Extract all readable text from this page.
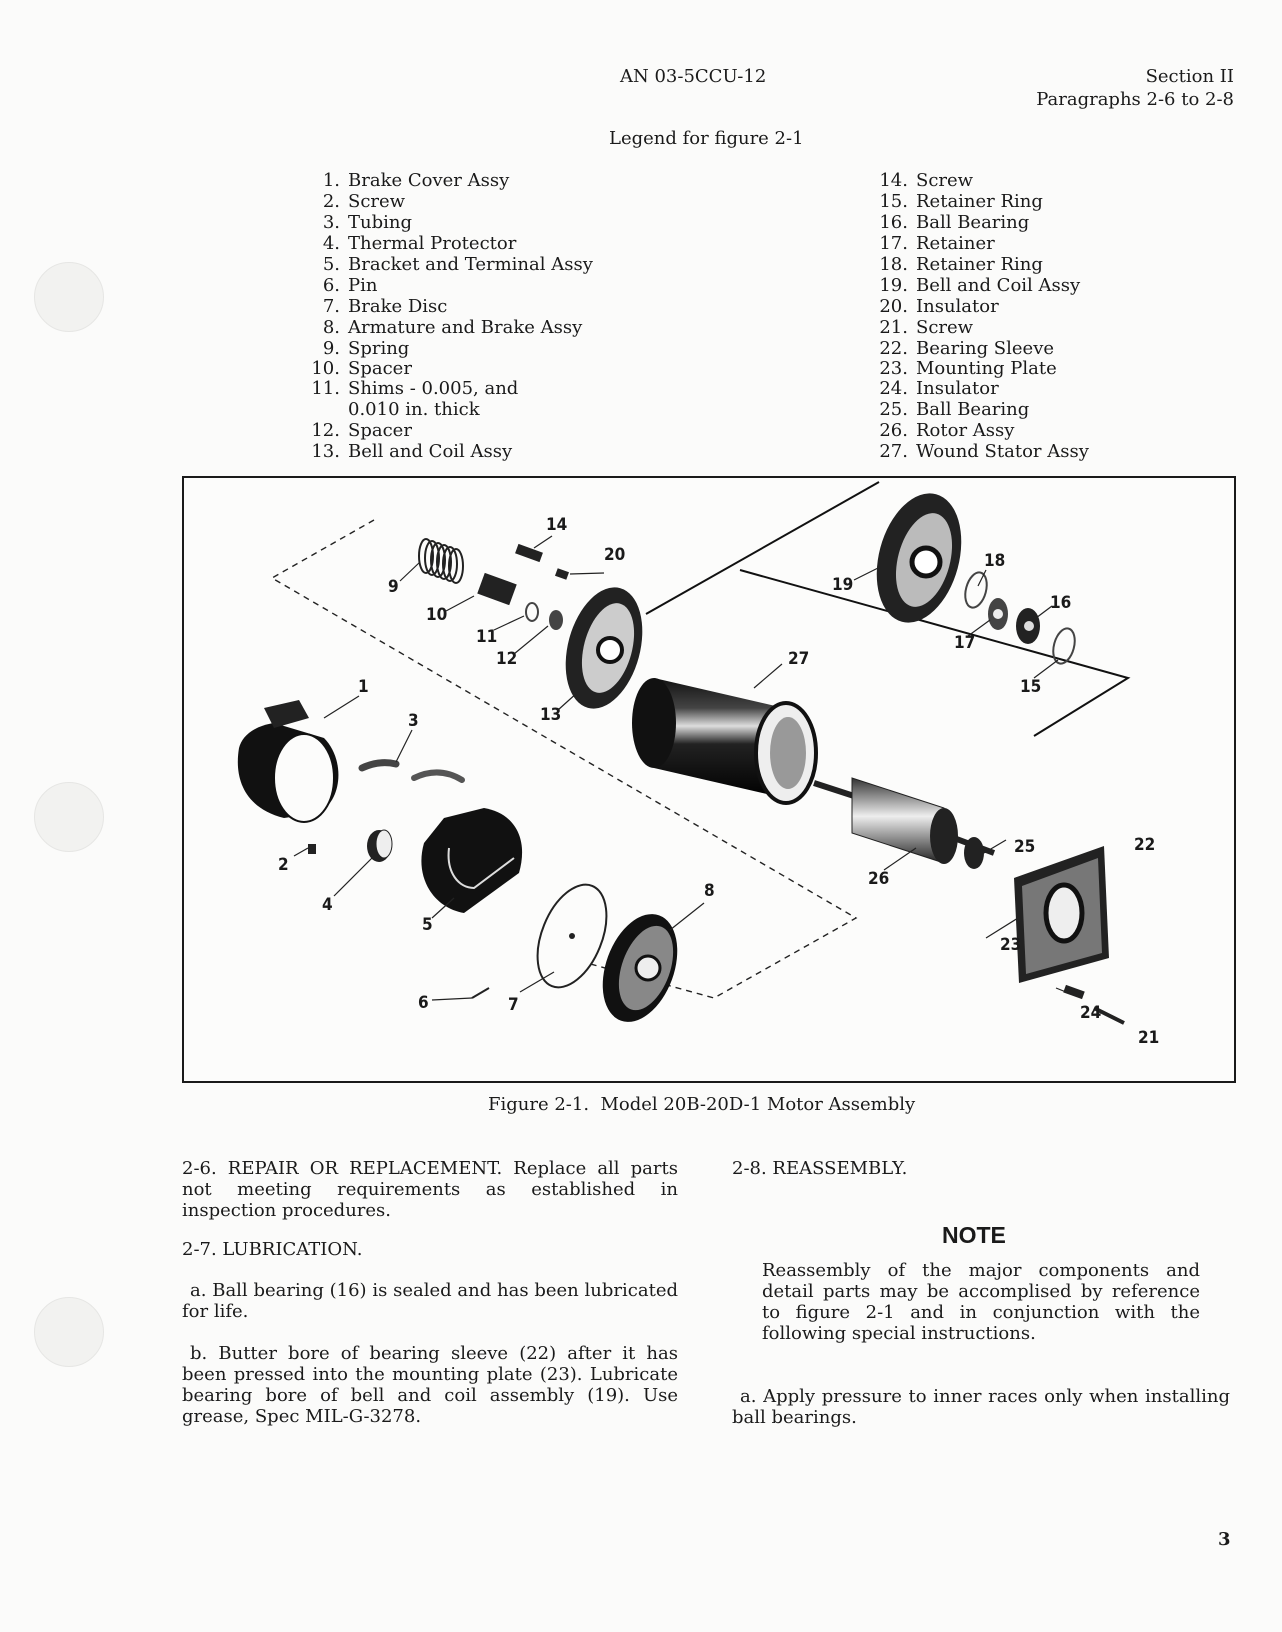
AN 03-5CCU-12	Section II
Paragraphs 2-6 to 2-8
Legend for figure 2-1
1. Brake Cover Assy
2. Screw
3. Tubing
4. Thermal Protector
5. Bracket and Terminal Assy
6. Pin
7. Brake Disc
8. Armature and Brake Assy
9. Spring
10. Spacer
11. Shims - 0.005, and
0.010 in. thick
12. Spacer
13. Bell and Coil Assy
14. Screw
15. Retainer Ring
16. Ball Bearing
17. Retainer
18. Retainer Ring
19. Bell and Coil Assy
20. Insulator
21. Screw
22. Bearing Sleeve
23. Mounting Plate
24. Insulator
25. Ball Bearing
26. Rotor Assy
27. Wound Stator Assy
1
2
3
4
5
6	7
8
9
10
11
12
13
14
15
16
17
18
19
20
21
22
23
24
25
26
27
Figure 2-1.  Model 20B-20D-1 Motor Assembly
2-6. REPAIR OR REPLACEMENT. Replace all parts not meeting requirements as established in inspection procedures.
2-7. LUBRICATION.
a. Ball bearing (16) is sealed and has been lubricated for life.
b. Butter bore of bearing sleeve (22) after it has been pressed into the mounting plate (23). Lubricate bearing bore of bell and coil assembly (19). Use grease, Spec MIL-G-3278.
2-8. REASSEMBLY.
NOTE
Reassembly of the major components and detail parts may be accomplised by reference to figure 2-1 and in conjunction with the following special instructions.
a. Apply pressure to inner races only when installing ball bearings.
3
